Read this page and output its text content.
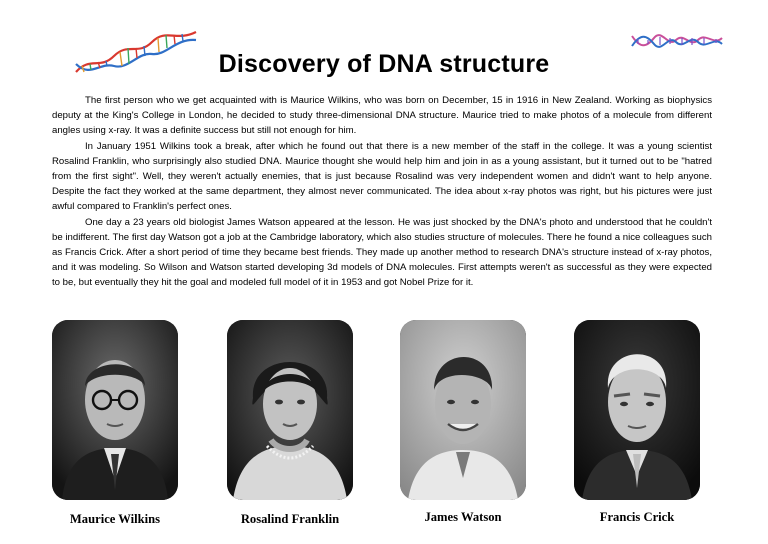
Discovery of DNA structure

The first person who we get acquainted with is Maurice Wilkins, who was born on December, 15 in 1916 in New Zealand. Working as biophysics deputy at the King's College in London, he decided to study three-dimensional DNA structure. Maurice tried to make photos of a molecule from different angles using x-ray. It was a definite success but still not enough for him.

In January 1951 Wilkins took a break, after which he found out that there is a new member of the staff in the college. It was a young scientist Rosalind Franklin, who surprisingly also studied DNA. Maurice thought she would help him and join in as a young assistant, but it turned out to be "hatred from the first sight". Well, they weren't actually enemies, that is just because Rosalind was very independent women and didn't want to help anyone. Despite the fact they worked at the same department, they almost never communicated. The idea about x-ray photos was right, but his pictures were just awful compared to Franklin's perfect ones.

One day a 23 years old biologist James Watson appeared at the lesson. He was just shocked by the DNA's photo and understood that he couldn't be indifferent. The first day Watson got a job at the Cambridge laboratory, which also studies structure of molecules. There he found a nice colleagues such as Francis Crick. After a short period of time they became best friends. They made up another method to research DNA's structure instead of x-ray photos, and it was modeling. So Wilson and Watson started developing 3d models of DNA molecules. First attempts weren't as successful as they were expected to be, but eventually they hit the goal and modeled full model of it in 1953 and got Nobel Prize for it.

Maurice Wilkins	Rosalind Franklin	James Watson	Francis Crick
